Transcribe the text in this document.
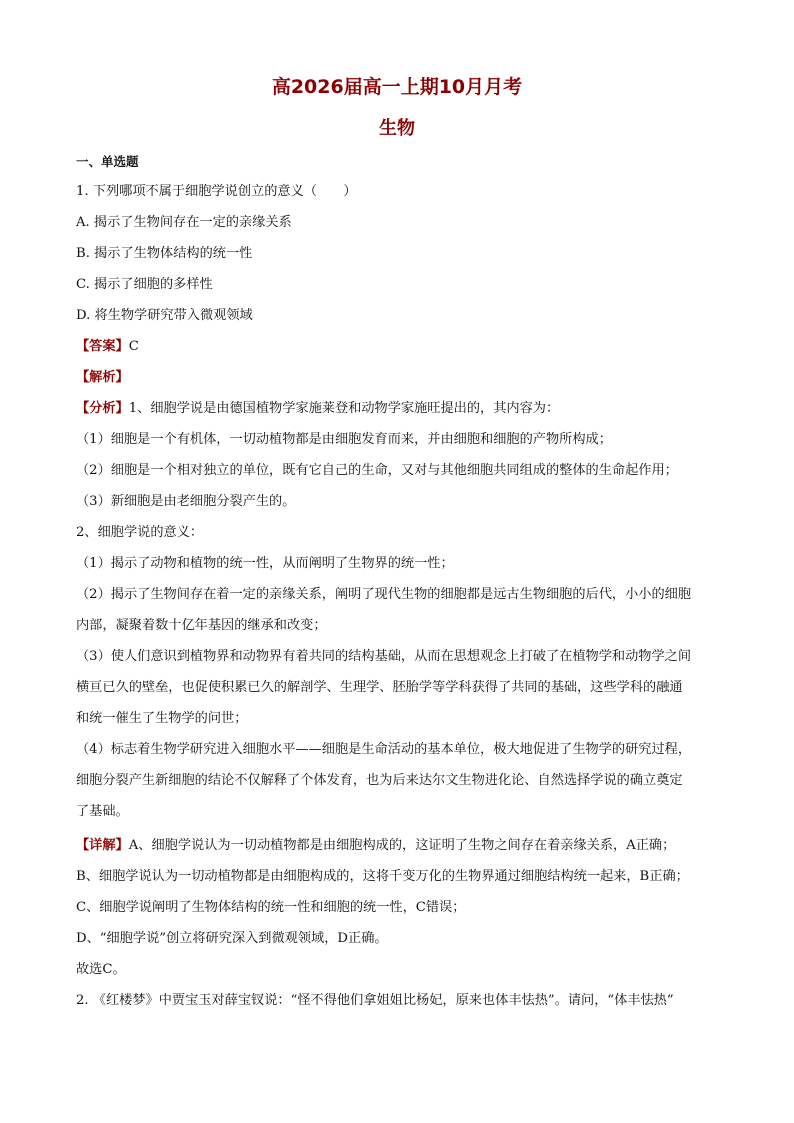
高2026届高一上期10月月考
生物
一、单选题
1. 下列哪项不属于细胞学说创立的意义（　　）
A. 揭示了生物间存在一定的亲缘关系
B. 揭示了生物体结构的统一性
C. 揭示了细胞的多样性
D. 将生物学研究带入微观领域
【答案】C
【解析】
【分析】1、细胞学说是由德国植物学家施莱登和动物学家施旺提出的，其内容为：
（1）细胞是一个有机体，一切动植物都是由细胞发育而来，并由细胞和细胞的产物所构成；
（2）细胞是一个相对独立的单位，既有它自己的生命，又对与其他细胞共同组成的整体的生命起作用；
（3）新细胞是由老细胞分裂产生的。
2、细胞学说的意义：
（1）揭示了动物和植物的统一性，从而阐明了生物界的统一性；
（2）揭示了生物间存在着一定的亲缘关系，阐明了现代生物的细胞都是远古生物细胞的后代，小小的细胞
内部，凝聚着数十亿年基因的继承和改变；
（3）使人们意识到植物界和动物界有着共同的结构基础，从而在思想观念上打破了在植物学和动物学之间
横亘已久的壁垒，也促使积累已久的解剖学、生理学、胚胎学等学科获得了共同的基础，这些学科的融通
和统一催生了生物学的问世；
（4）标志着生物学研究进入细胞水平——细胞是生命活动的基本单位，极大地促进了生物学的研究过程，
细胞分裂产生新细胞的结论不仅解释了个体发育，也为后来达尔文生物进化论、自然选择学说的确立奠定
了基础。
【详解】A、细胞学说认为一切动植物都是由细胞构成的，这证明了生物之间存在着亲缘关系，A正确；
B、细胞学说认为一切动植物都是由细胞构成的，这将千变万化的生物界通过细胞结构统一起来，B正确；
C、细胞学说阐明了生物体结构的统一性和细胞的统一性，C错误；
D、“细胞学说”创立将研究深入到微观领域，D正确。
故选C。
2. 《红楼梦》中贾宝玉对薛宝钗说：“怪不得他们拿姐姐比杨妃，原来也体丰怯热”。请问，“体丰怯热”
